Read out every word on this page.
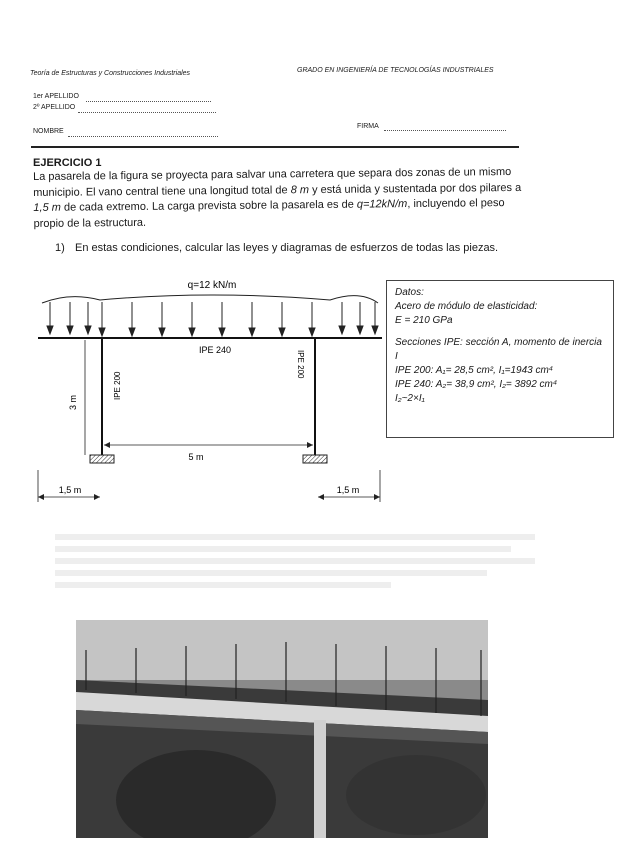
Teoría de Estructuras y Construcciones Industriales	GRADO EN INGENIERÍA DE TECNOLOGÍAS INDUSTRIALES
1er APELLIDO
2º APELLIDO
NOMBRE
FIRMA
EJERCICIO 1
La pasarela de la figura se proyecta para salvar una carretera que separa dos zonas de un mismo municipio. El vano central tiene una longitud total de 8 m y está unida y sustentada por dos pilares a 1,5 m de cada extremo. La carga prevista sobre la pasarela es de q=12kN/m, incluyendo el peso propio de la estructura.
1) En estas condiciones, calcular las leyes y diagramas de esfuerzos de todas las piezas.
q=12 kN/m
IPE 240
IPE 200
IPE 200
3 m
5 m
1,5 m	1,5 m

Datos:

Acero de módulo de elasticidad:

E = 210 GPa

Secciones IPE: sección A, momento de inercia I

IPE 200: A₁= 28,5 cm², I₁=1943 cm⁴

IPE 240: A₂= 38,9 cm², I₂= 3892 cm⁴

I₂~2×I₁
